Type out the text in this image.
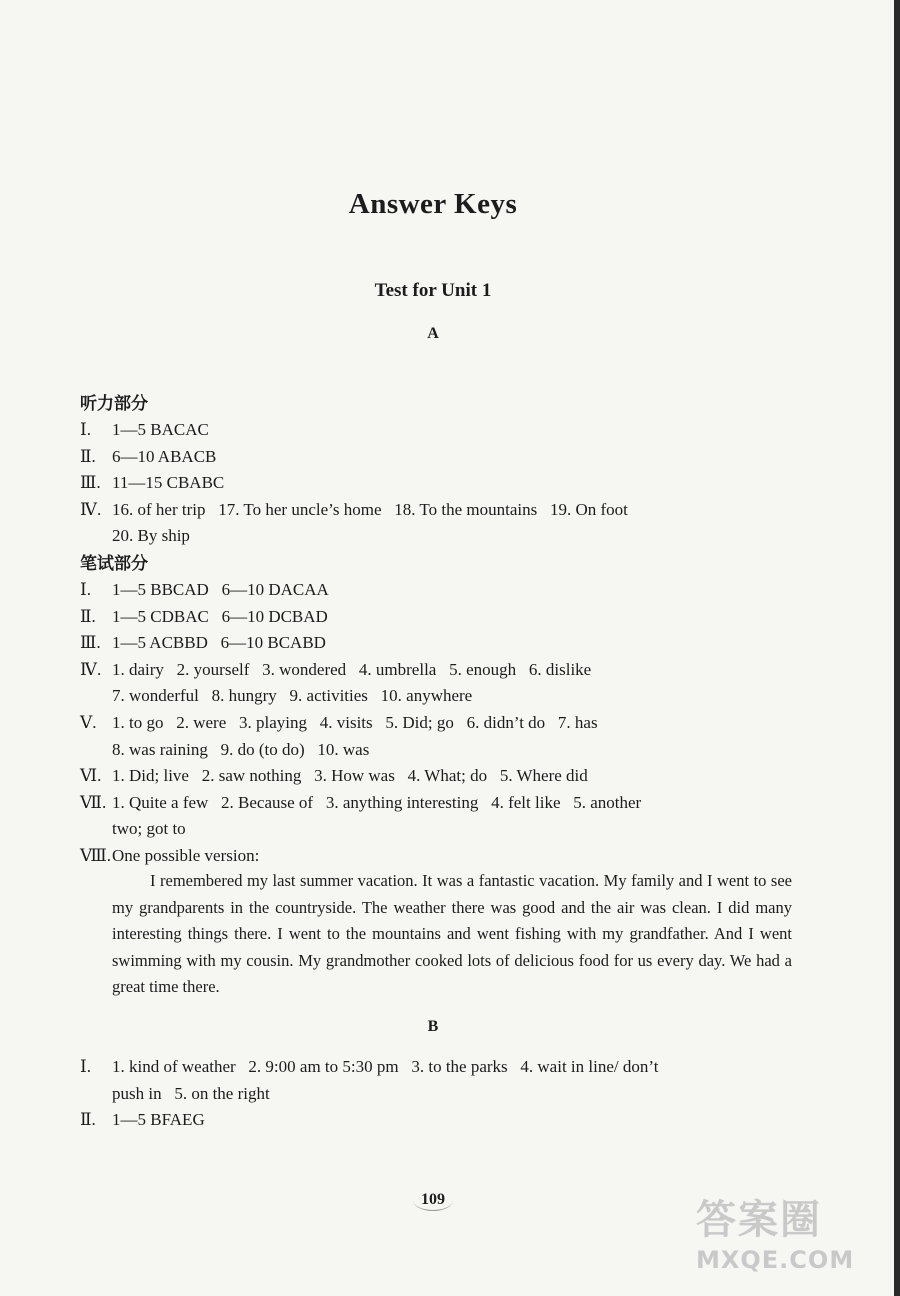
Answer Keys
Test for Unit 1
A
听力部分
Ⅰ. 1—5 BACAC
Ⅱ. 6—10 ABACB
Ⅲ. 11—15 CBABC
Ⅳ. 16. of her trip   17. To her uncle’s home   18. To the mountains   19. On foot
20. By ship
笔试部分
Ⅰ. 1—5 BBCAD   6—10 DACAA
Ⅱ. 1—5 CDBAC   6—10 DCBAD
Ⅲ. 1—5 ACBBD   6—10 BCABD
Ⅳ. 1. dairy   2. yourself   3. wondered   4. umbrella   5. enough   6. dislike
7. wonderful   8. hungry   9. activities   10. anywhere
Ⅴ. 1. to go   2. were   3. playing   4. visits   5. Did; go   6. didn’t do   7. has
8. was raining   9. do (to do)   10. was
Ⅵ. 1. Did; live   2. saw nothing   3. How was   4. What; do   5. Where did
Ⅶ. 1. Quite a few   2. Because of   3. anything interesting   4. felt like   5. another
two; got to
Ⅷ.One possible version:
I remembered my last summer vacation. It was a fantastic vacation. My family and I went to see my grandparents in the countryside. The weather there was good and the air was clean. I did many interesting things there. I went to the mountains and went fishing with my grandfather. And I went swimming with my cousin. My grandmother cooked lots of delicious food for us every day. We had a great time there.
B
Ⅰ. 1. kind of weather   2. 9:00 am to 5:30 pm   3. to the parks   4. wait in line/ don’t
push in   5. on the right
Ⅱ. 1—5 BFAEG
109	答案圈
MXQE.COM
